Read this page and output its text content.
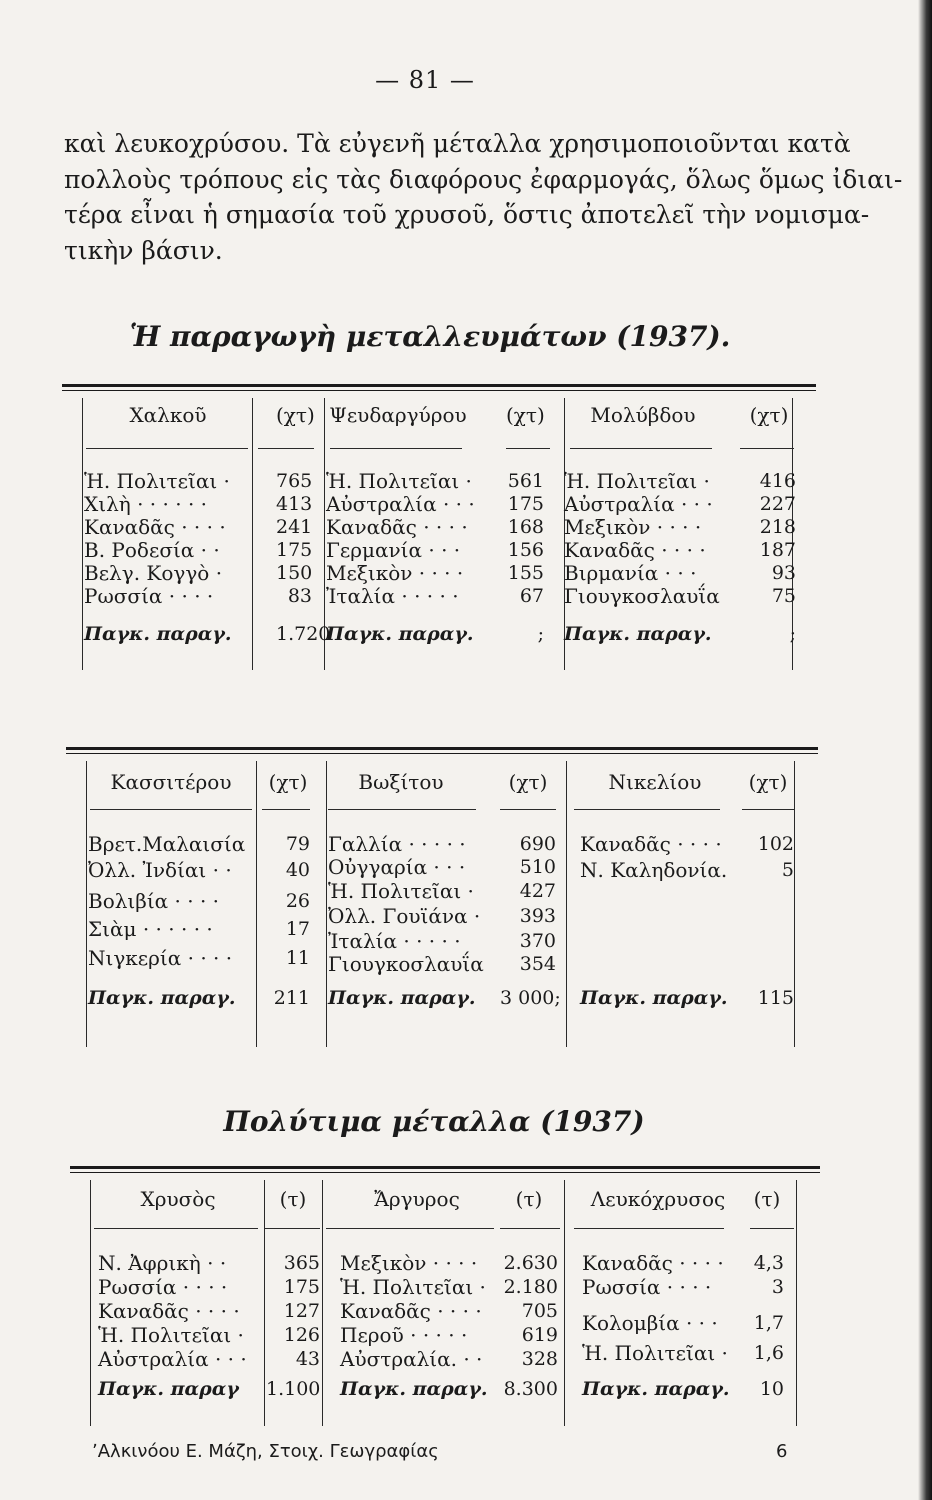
— 81 —
καὶ λευκοχρύσου. Τὰ εὐγενῆ μέταλλα χρησιμοποιοῦνται κατὰ
πολλοὺς τρόπους εἰς τὰς διαφόρους ἐφαρμογάς, ὅλως ὅμως ἰδιαι-
τέρα εἶναι ἡ σημασία τοῦ χρυσοῦ, ὅστις ἀποτελεῖ τὴν νομισμα-
τικὴν βάσιν.
Ἡ παραγωγὴ μεταλλευμάτων (1937).
Χαλκοῦ	(χτ)
Ἡ. Πολιτεῖαι · 765
Χιλὴ · · · · · ·	413
Καναδᾶς · · · ·	241
Β. Ροδεσία · ·	175
Βελγ. Κογγὸ ·	150
Ρωσσία · · · ·	83
Παγκ. παραγ. 1.720
Ψευδαργύρου (χτ)
Ἡ. Πολιτεῖαι · 561
Αὐστραλία · · · 175
Καναδᾶς · · · · 168
Γερμανία · · ·	156
Μεξικὸν · · · · 155
Ἰταλία · · · · ·	67
Παγκ. παραγ.	;
Μολύβδου	(χτ)
Ἡ. Πολιτεῖαι ·	416
Αὐστραλία · · ·	227
Μεξικὸν · · · ·	218
Καναδᾶς · · · ·	187
Βιρμανία · · ·	93
Γιουγκοσλαυΐα	75
Παγκ. παραγ.	;
Κασσιτέρου	(χτ)
Βρετ.Μαλαισία	79
Ὀλλ. Ἰνδίαι · ·	40
Βολιβία · · · ·	26
Σιὰμ · · · · · ·	17
Νιγκερία · · · ·	11
Παγκ. παραγ.	211
Βωξίτου	(χτ)
Γαλλία · · · · ·	690
Οὐγγαρία · · ·	510
Ἡ. Πολιτεῖαι ·	427
Ὀλλ. Γουϊάνα ·	393
Ἰταλία · · · · ·	370
Γιουγκοσλαυΐα	354
Παγκ. παραγ. 3 000;
Νικελίου	(χτ)
Καναδᾶς · · · ·	102
Ν. Καληδονία.	5
Παγκ. παραγ.	115
Πολύτιμα μέταλλα (1937)
Χρυσὸς	(τ)
Ν. Ἀφρικὴ · ·	365
Ρωσσία · · · ·	175
Καναδᾶς · · · ·	127
Ἡ. Πολιτεῖαι ·	126
Αὐστραλία · · ·	43
Παγκ. παραγ 1.100
Ἄργυρος	(τ)
Μεξικὸν · · · · 2.630
Ἡ. Πολιτεῖαι · 2.180
Καναδᾶς · · · ·	705
Περοῦ · · · · ·	619
Αὐστραλία. · ·	328
Παγκ. παραγ. 8.300
Λευκόχρυσος	(τ)
Καναδᾶς · · · · 4,3
Ρωσσία · · · ·	3
Κολομβία · · · 1,7
Ἡ. Πολιτεῖαι · 1,6
Παγκ. παραγ.	10
ʼΑλκινόου Ε. Μάζη, Στοιχ. Γεωγραφίας	6
